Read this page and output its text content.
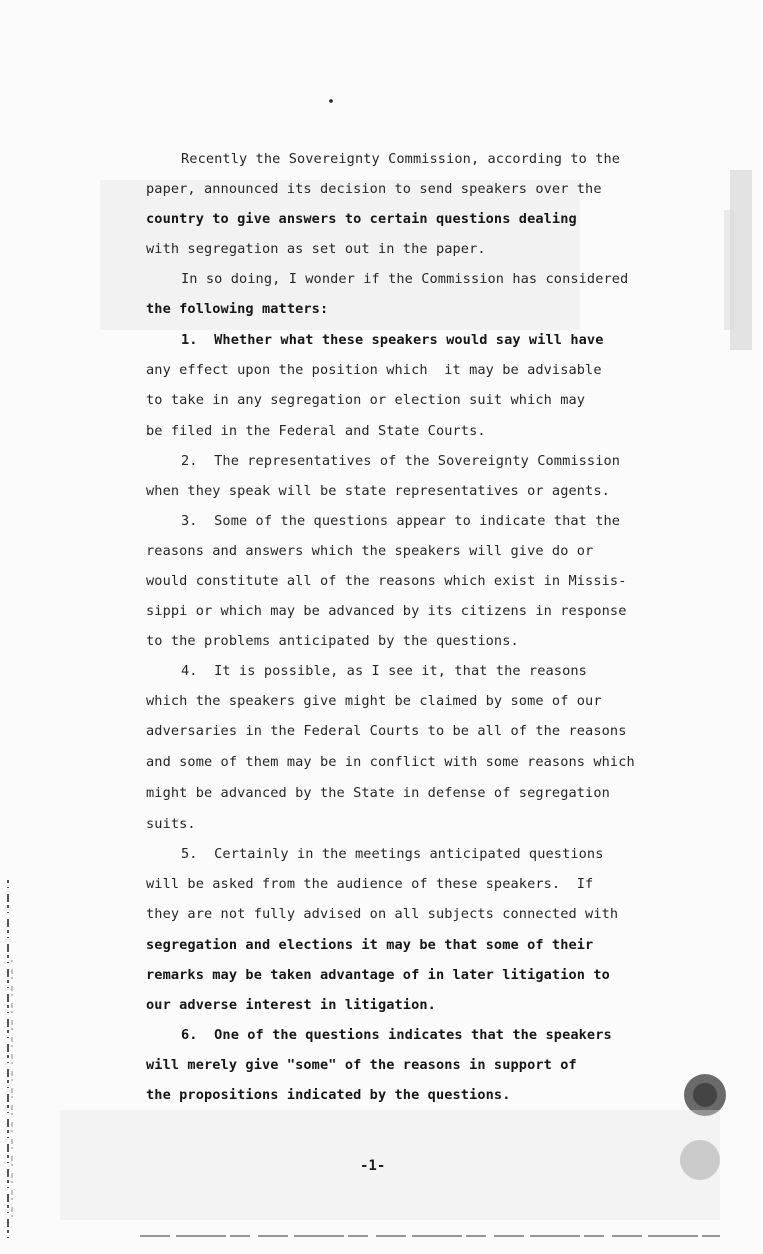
Recently the Sovereignty Commission, according to the
paper, announced its decision to send speakers over the
country to give answers to certain questions dealing
with segregation as set out in the paper.
In so doing, I wonder if the Commission has considered
the following matters:
1.  Whether what these speakers would say will have
any effect upon the position which  it may be advisable
to take in any segregation or election suit which may
be filed in the Federal and State Courts.
2.  The representatives of the Sovereignty Commission
when they speak will be state representatives or agents.
3.  Some of the questions appear to indicate that the
reasons and answers which the speakers will give do or
would constitute all of the reasons which exist in Missis-
sippi or which may be advanced by its citizens in response
to the problems anticipated by the questions.
4.  It is possible, as I see it, that the reasons
which the speakers give might be claimed by some of our
adversaries in the Federal Courts to be all of the reasons
and some of them may be in conflict with some reasons which
might be advanced by the State in defense of segregation
suits.
5.  Certainly in the meetings anticipated questions
will be asked from the audience of these speakers.  If
they are not fully advised on all subjects connected with
segregation and elections it may be that some of their
remarks may be taken advantage of in later litigation to
our adverse interest in litigation.
6.  One of the questions indicates that the speakers
will merely give "some" of the reasons in support of
the propositions indicated by the questions.
-1-
